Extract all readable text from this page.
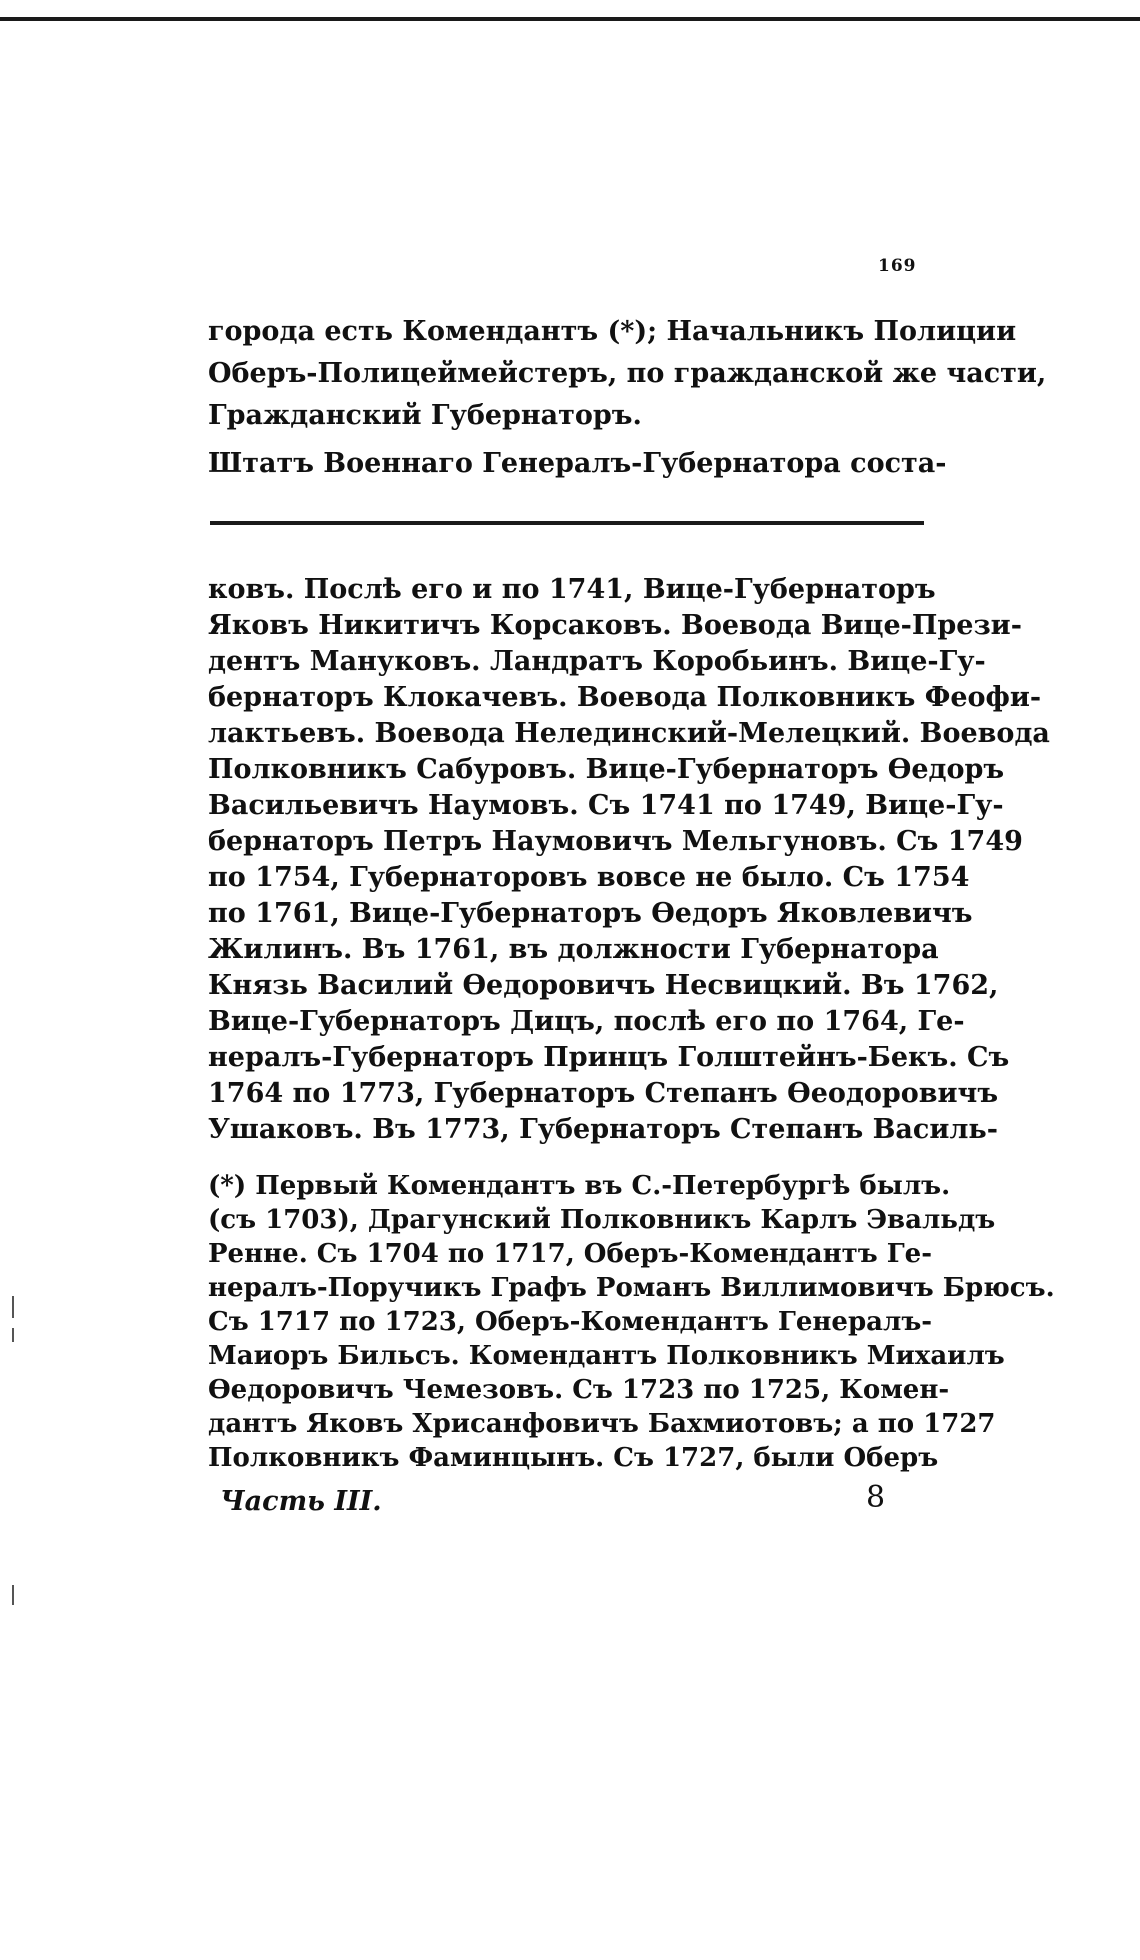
169
города есть Комендантъ (*); Начальникъ Полиции
Оберъ-Полицеймейстеръ, по гражданской же части,
Гражданский Губернаторъ.
Штатъ Военнаго Генералъ-Губернатора соста-
ковъ. Послѣ его и по 1741, Вице-Губернаторъ
Яковъ Никитичъ Корсаковъ. Воевода Вице-Прези-
дентъ Мануковъ. Ландратъ Коробьинъ. Вице-Гу-
бернаторъ Клокачевъ. Воевода Полковникъ Феофи-
лактьевъ. Воевода Нелединский-Мелецкий. Воевода
Полковникъ Сабуровъ. Вице-Губернаторъ Ѳедоръ
Васильевичъ Наумовъ. Съ 1741 по 1749, Вице-Гу-
бернаторъ Петръ Наумовичъ Мельгуновъ. Съ 1749
по 1754, Губернаторовъ вовсе не было. Съ 1754
по 1761, Вице-Губернаторъ Ѳедоръ Яковлевичъ
Жилинъ. Въ 1761, въ должности Губернатора
Князь Василий Ѳедоровичъ Несвицкий. Въ 1762,
Вице-Губернаторъ Дицъ, послѣ его по 1764, Ге-
нералъ-Губернаторъ Принцъ Голштейнъ-Бекъ. Съ
1764 по 1773, Губернаторъ Степанъ Ѳеодоровичъ
Ушаковъ. Въ 1773, Губернаторъ Степанъ Василь-
(*) Первый Комендантъ въ С.-Петербургѣ былъ.
(съ 1703), Драгунский Полковникъ Карлъ Эвальдъ
Ренне. Съ 1704 по 1717, Оберъ-Комендантъ Ге-
нералъ-Поручикъ Графъ Романъ Виллимовичъ Брюсъ.
Съ 1717 по 1723, Оберъ-Комендантъ Генералъ-
Маиоръ Бильсъ. Комендантъ Полковникъ Михаилъ
Ѳедоровичъ Чемезовъ. Съ 1723 по 1725, Комен-
дантъ Яковъ Хрисанфовичъ Бахмиотовъ; а по 1727
Полковникъ Фаминцынъ. Съ 1727, были Оберъ
Часть III.	8
